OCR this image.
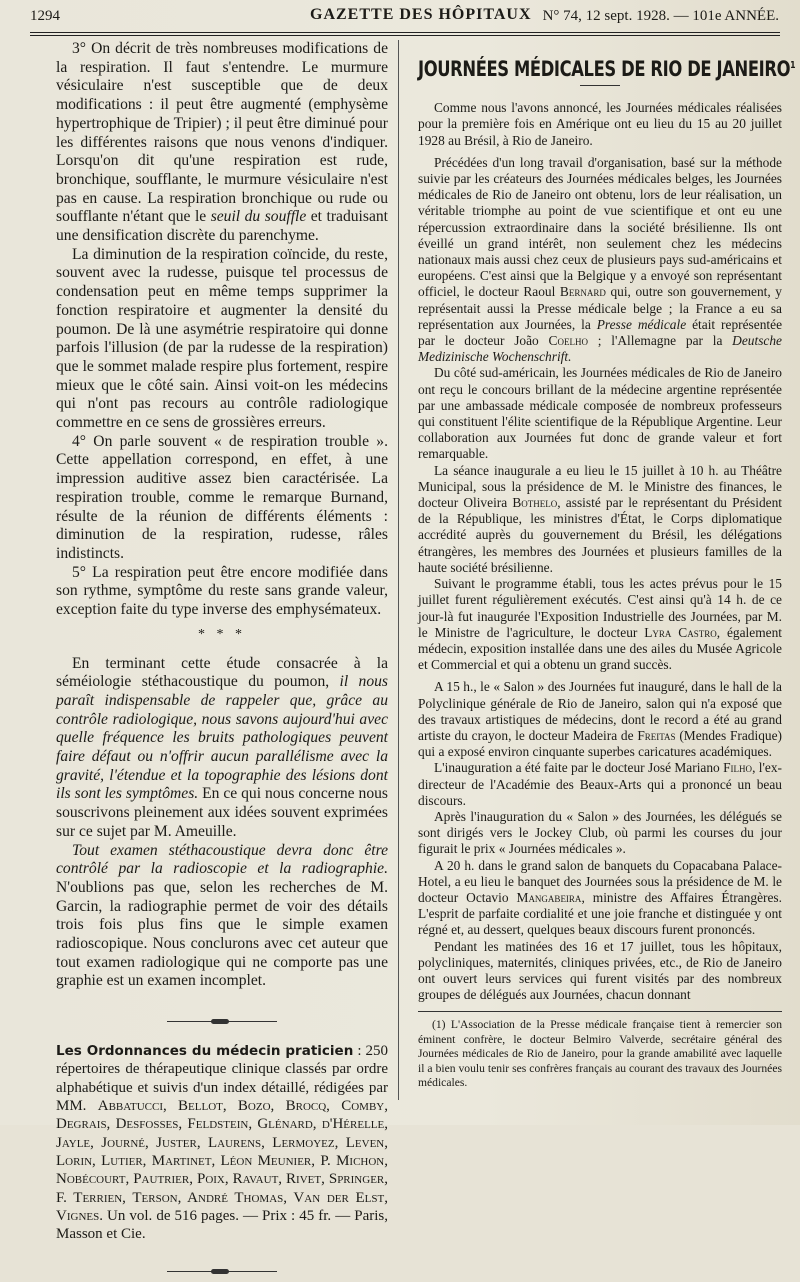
1294	GAZETTE DES HÔPITAUX N° 74, 12 sept. 1928. — 101e ANNÉE.

3° On décrit de très nombreuses modifications de la respiration. Il faut s'entendre. Le murmure vésiculaire n'est susceptible que de deux modifications : il peut être augmenté (emphysème hypertrophique de Tripier) ; il peut être diminué pour les différentes raisons que nous venons d'indiquer. Lorsqu'on dit qu'une respiration est rude, bronchique, soufflante, le murmure vésiculaire n'est pas en cause. La respiration bronchique ou rude ou soufflante n'étant que le seuil du souffle et traduisant une densification discrète du parenchyme.

La diminution de la respiration coïncide, du reste, souvent avec la rudesse, puisque tel processus de condensation peut en même temps supprimer la fonction respiratoire et augmenter la densité du poumon. De là une asymétrie respiratoire qui donne parfois l'illusion (de par la rudesse de la respiration) que le sommet malade respire plus fortement, respire mieux que le côté sain. Ainsi voit-on les médecins qui n'ont pas recours au contrôle radiologique commettre en ce sens de grossières erreurs.

4° On parle souvent « de respiration trouble ». Cette appellation correspond, en effet, à une impression auditive assez bien caractérisée. La respiration trouble, comme le remarque Burnand, résulte de la réunion de différents éléments : diminution de la respiration, rudesse, râles indistincts.

5° La respiration peut être encore modifiée dans son rythme, symptôme du reste sans grande valeur, exception faite du type inverse des emphysémateux.

* * *

En terminant cette étude consacrée à la séméiologie stéthacoustique du poumon, il nous paraît indispensable de rappeler que, grâce au contrôle radiologique, nous savons aujourd'hui avec quelle fréquence les bruits pathologiques peuvent faire défaut ou n'offrir aucun parallélisme avec la gravité, l'étendue et la topographie des lésions dont ils sont les symptômes. En ce qui nous concerne nous souscrivons pleinement aux idées souvent exprimées sur ce sujet par M. Ameuille.

Tout examen stéthacoustique devra donc être contrôlé par la radioscopie et la radiographie. N'oublions pas que, selon les recherches de M. Garcin, la radiographie permet de voir des détails trois fois plus fins que le simple examen radioscopique. Nous conclurons avec cet auteur que tout examen radiologique qui ne comporte pas une graphie est un examen incomplet.

Les Ordonnances du médecin praticien : 250 répertoires de thérapeutique clinique classés par ordre alphabétique et suivis d'un index détaillé, rédigées par MM. Abbatucci, Bellot, Bozo, Brocq, Comby, Degrais, Desfosses, Feldstein, Glénard, d'Hérelle, Jayle, Journé, Juster, Laurens, Lermoyez, Leven, Lorin, Lutier, Martinet, Léon Meunier, P. Michon, Nobécourt, Pautrier, Poix, Ravaut, Rivet, Springer, F. Terrien, Terson, André Thomas, Van der Elst, Vignes. Un vol. de 516 pages. — Prix : 45 fr. — Paris, Masson et Cie.

JOURNÉES MÉDICALES DE RIO DE JANEIRO$^1$

Comme nous l'avons annoncé, les Journées médicales réalisées pour la première fois en Amérique ont eu lieu du 15 au 20 juillet 1928 au Brésil, à Rio de Janeiro.

Précédées d'un long travail d'organisation, basé sur la méthode suivie par les créateurs des Journées médicales belges, les Journées médicales de Rio de Janeiro ont obtenu, lors de leur réalisation, un véritable triomphe au point de vue scientifique et ont eu une répercussion extraordinaire dans la société brésilienne. Ils ont éveillé un grand intérêt, non seulement chez les médecins nationaux mais aussi chez ceux de plusieurs pays sud-américains et européens. C'est ainsi que la Belgique y a envoyé son représentant officiel, le docteur Raoul Bernard qui, outre son gouvernement, y représentait aussi la Presse médicale belge ; la France a eu sa représentation aux Journées, la Presse médicale était représentée par le docteur João Coelho ; l'Allemagne par la Deutsche Medizinische Wochenschrift.

Du côté sud-américain, les Journées médicales de Rio de Janeiro ont reçu le concours brillant de la médecine argentine représentée par une ambassade médicale composée de nombreux professeurs qui constituent l'élite scientifique de la République Argentine. Leur collaboration aux Journées fut donc de grande valeur et fort remarquable.

La séance inaugurale a eu lieu le 15 juillet à 10 h. au Théâtre Municipal, sous la présidence de M. le Ministre des finances, le docteur Oliveira Bothelo, assisté par le représentant du Président de la République, les ministres d'État, le Corps diplomatique accrédité auprès du gouvernement du Brésil, les délégations étrangères, les membres des Journées et plusieurs familles de la haute société brésilienne.

Suivant le programme établi, tous les actes prévus pour le 15 juillet furent régulièrement exécutés. C'est ainsi qu'à 14 h. de ce jour-là fut inaugurée l'Exposition Industrielle des Journées, par M. le Ministre de l'agriculture, le docteur Lyra Castro, également médecin, exposition installée dans une des ailes du Musée Agricole et Commercial et qui a obtenu un grand succès.

A 15 h., le « Salon » des Journées fut inauguré, dans le hall de la Polyclinique générale de Rio de Janeiro, salon qui n'a exposé que des travaux artistiques de médecins, dont le record a été au grand artiste du crayon, le docteur Madeira de Freitas (Mendes Fradique) qui a exposé environ cinquante superbes caricatures académiques.

L'inauguration a été faite par le docteur José Mariano Filho, l'ex-directeur de l'Académie des Beaux-Arts qui a prononcé un beau discours.

Après l'inauguration du « Salon » des Journées, les délégués se sont dirigés vers le Jockey Club, où parmi les courses du jour figurait le prix « Journées médicales ».

A 20 h. dans le grand salon de banquets du Copacabana Palace-Hotel, a eu lieu le banquet des Journées sous la présidence de M. le docteur Octavio Mangabeira, ministre des Affaires Étrangères. L'esprit de parfaite cordialité et une joie franche et distinguée y ont régné et, au dessert, quelques beaux discours furent prononcés.

Pendant les matinées des 16 et 17 juillet, tous les hôpitaux, polycliniques, maternités, cliniques privées, etc., de Rio de Janeiro ont ouvert leurs services qui furent visités par des nombreux groupes de délégués aux Journées, chacun donnant

(1) L'Association de la Presse médicale française tient à remercier son éminent confrère, le docteur Belmiro Valverde, secrétaire général des Journées médicales de Rio de Janeiro, pour la grande amabilité avec laquelle il a bien voulu tenir ses confrères français au courant des travaux des Journées médicales.
